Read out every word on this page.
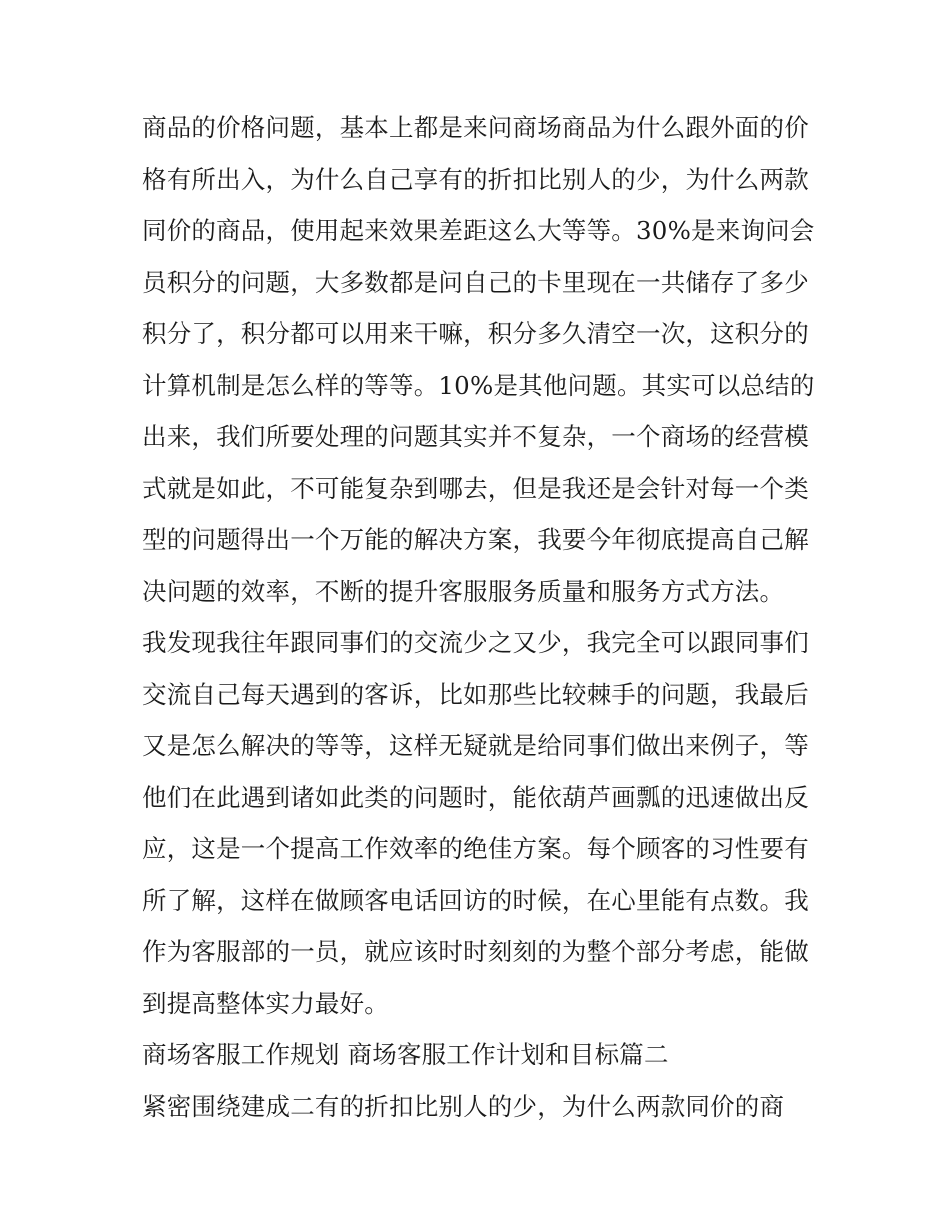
商品的价格问题，基本上都是来问商场商品为什么跟外面的价
格有所出入，为什么自己享有的折扣比别人的少，为什么两款
同价的商品，使用起来效果差距这么大等等。30%是来询问会
员积分的问题，大多数都是问自己的卡里现在一共储存了多少
积分了，积分都可以用来干嘛，积分多久清空一次，这积分的
计算机制是怎么样的等等。10%是其他问题。其实可以总结的
出来，我们所要处理的问题其实并不复杂，一个商场的经营模
式就是如此，不可能复杂到哪去，但是我还是会针对每一个类
型的问题得出一个万能的解决方案，我要今年彻底提高自己解
决问题的效率，不断的提升客服服务质量和服务方式方法。
我发现我往年跟同事们的交流少之又少，我完全可以跟同事们
交流自己每天遇到的客诉，比如那些比较棘手的问题，我最后
又是怎么解决的等等，这样无疑就是给同事们做出来例子，等
他们在此遇到诸如此类的问题时，能依葫芦画瓢的迅速做出反
应，这是一个提高工作效率的绝佳方案。每个顾客的习性要有
所了解，这样在做顾客电话回访的时候，在心里能有点数。我
作为客服部的一员，就应该时时刻刻的为整个部分考虑，能做
到提高整体实力最好。
商场客服工作规划 商场客服工作计划和目标篇二
紧密围绕建成二有的折扣比别人的少，为什么两款同价的商
